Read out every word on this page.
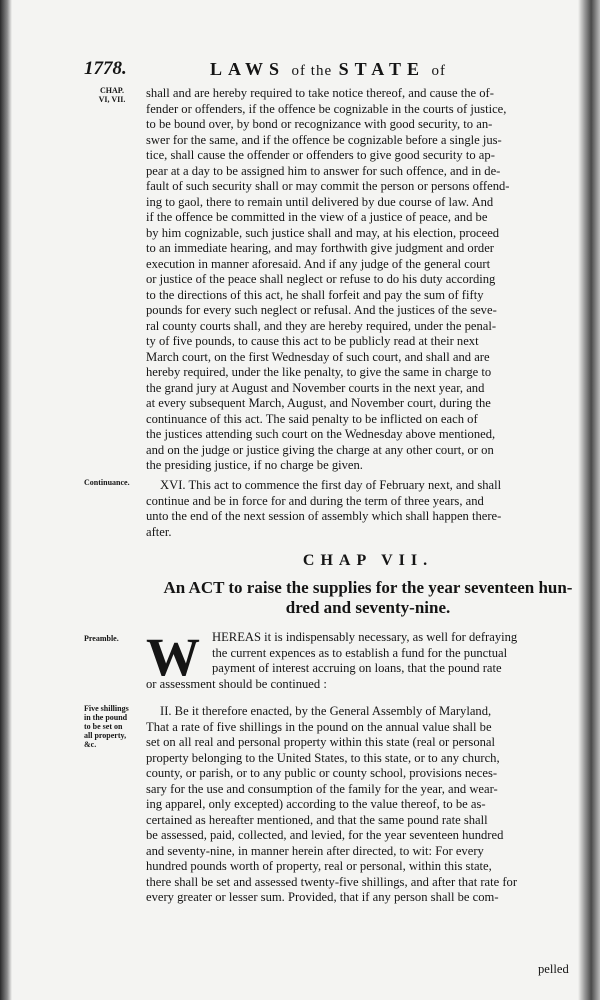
1778.	LAWS of the STATE of
CHAP.
VI, VII.
Continuance.
Preamble.
Five shillings
in the pound
to be set on
all property,
&c.
shall and are hereby required to take notice thereof, and cause the of-
fender or offenders, if the offence be cognizable in the courts of justice,
to be bound over, by bond or recognizance with good security, to an-
swer for the same, and if the offence be cognizable before a single jus-
tice, shall cause the offender or offenders to give good security to ap-
pear at a day to be assigned him to answer for such offence, and in de-
fault of such security shall or may commit the person or persons offend-
ing to gaol, there to remain until delivered by due course of law. And
if the offence be committed in the view of a justice of peace, and be
by him cognizable, such justice shall and may, at his election, proceed
to an immediate hearing, and may forthwith give judgment and order
execution in manner aforesaid. And if any judge of the general court
or justice of the peace shall neglect or refuse to do his duty according
to the directions of this act, he shall forfeit and pay the sum of fifty
pounds for every such neglect or refusal. And the justices of the seve-
ral county courts shall, and they are hereby required, under the penal-
ty of five pounds, to cause this act to be publicly read at their next
March court, on the first Wednesday of such court, and shall and are
hereby required, under the like penalty, to give the same in charge to
the grand jury at August and November courts in the next year, and
at every subsequent March, August, and November court, during the
continuance of this act. The said penalty to be inflicted on each of
the justices attending such court on the Wednesday above mentioned,
and on the judge or justice giving the charge at any other court, or on
the presiding justice, if no charge be given.
XVI. This act to commence the first day of February next, and shall
continue and be in force for and during the term of three years, and
unto the end of the next session of assembly which shall happen there-
after.
CHAP VII.
An ACT to raise the supplies for the year seventeen hun-
dred and seventy-nine.
W HEREAS it is indispensably necessary, as well for defraying
the current expences as to establish a fund for the punctual
payment of interest accruing on loans, that the pound rate
or assessment should be continued :
II. Be it therefore enacted, by the General Assembly of Maryland,
That a rate of five shillings in the pound on the annual value shall be
set on all real and personal property within this state (real or personal
property belonging to the United States, to this state, or to any church,
county, or parish, or to any public or county school, provisions neces-
sary for the use and consumption of the family for the year, and wear-
ing apparel, only excepted) according to the value thereof, to be as-
certained as hereafter mentioned, and that the same pound rate shall
be assessed, paid, collected, and levied, for the year seventeen hundred
and seventy-nine, in manner herein after directed, to wit: For every
hundred pounds worth of property, real or personal, within this state,
there shall be set and assessed twenty-five shillings, and after that rate for
every greater or lesser sum. Provided, that if any person shall be com-
pelled
